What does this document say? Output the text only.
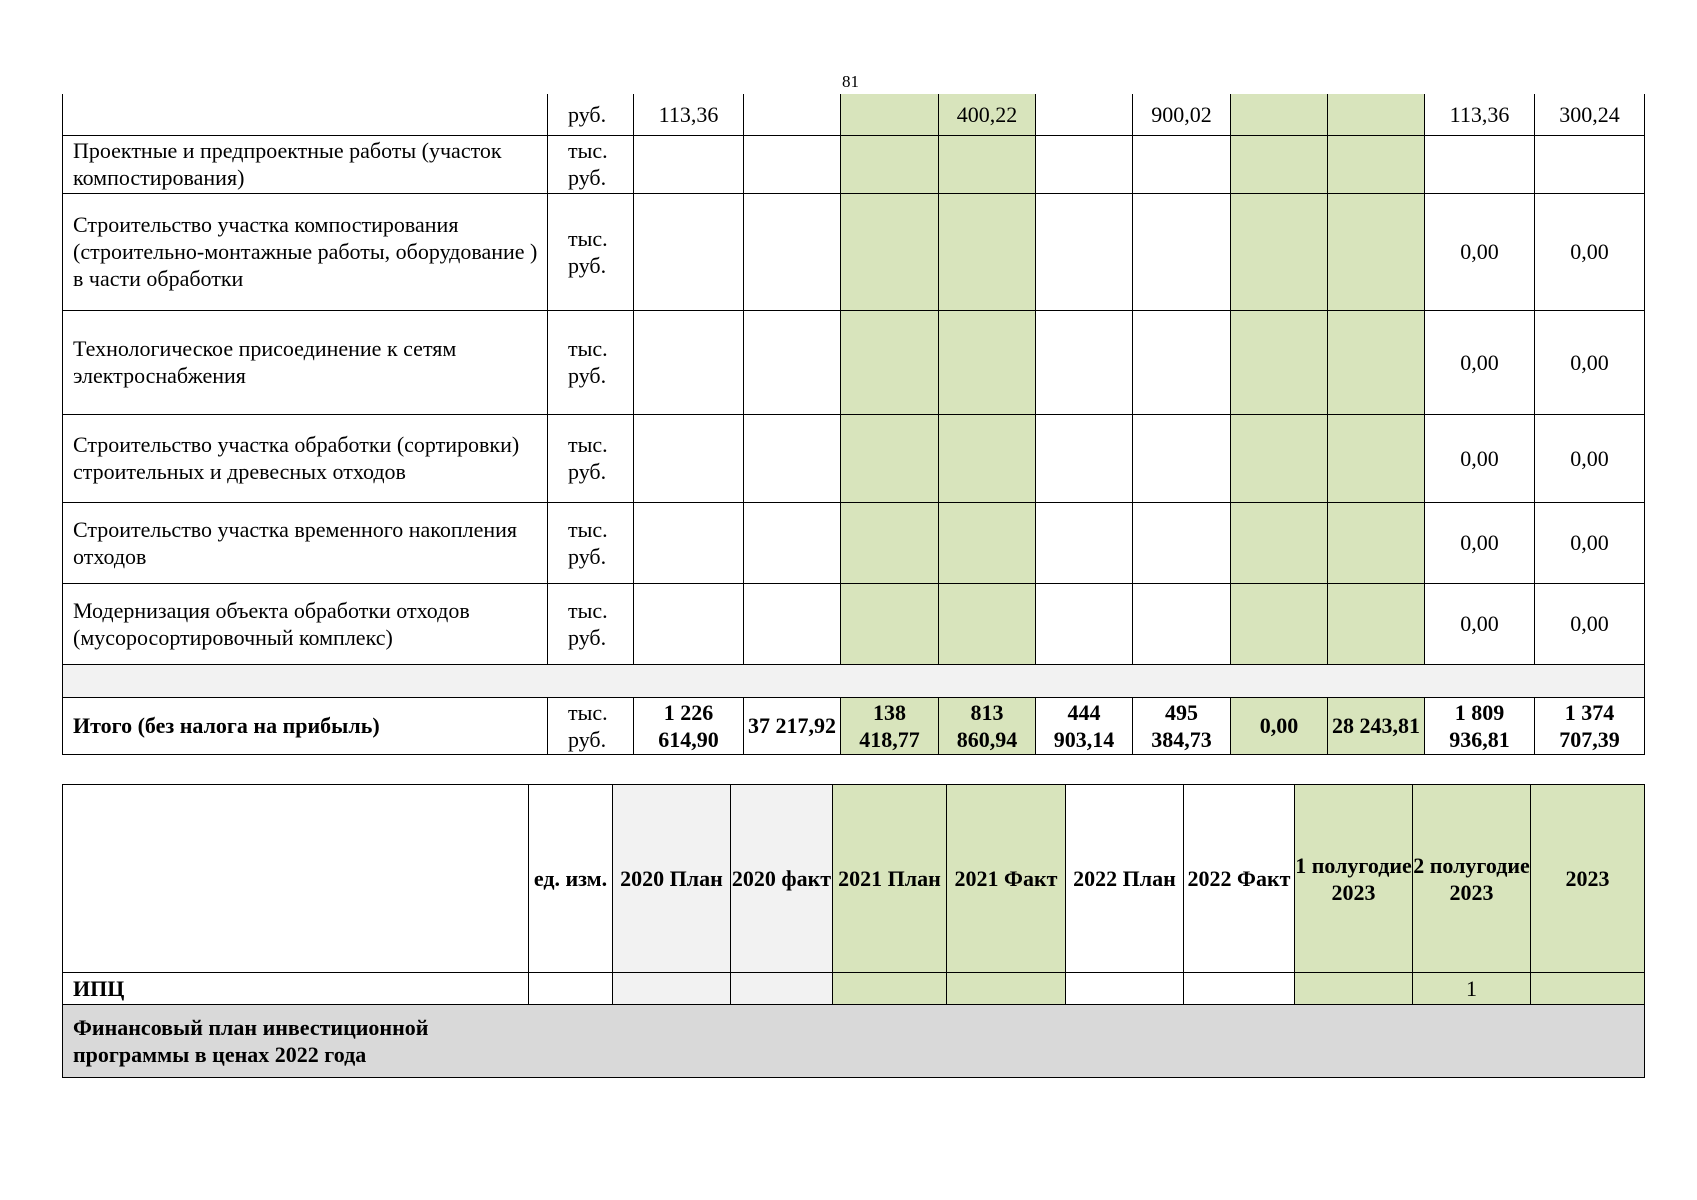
81
	руб.	113,36			400,22		900,02			113,36	300,24
Проектные и предпроектные работы (участок компостирования)	тыс. руб.										
Строительство участка компостирования (строительно-монтажные работы, оборудование ) в части обработки	тыс. руб.									0,00	0,00
Технологическое присоединение к сетям электроснабжения	тыс. руб.									0,00	0,00
Строительство участка обработки (сортировки) строительных и древесных отходов	тыс. руб.									0,00	0,00
Строительство участка временного накопления отходов	тыс. руб.									0,00	0,00
Модернизация объекта обработки отходов (мусоросортировочный комплекс)	тыс. руб.									0,00	0,00

Итого (без налога на прибыль)	тыс. руб.	1 226 614,90	37 217,92	138 418,77	813 860,94	444 903,14	495 384,73	0,00	28 243,81	1 809 936,81	1 374 707,39
	ед. изм.	2020 План	2020 факт	2021 План	2021 Факт	2022 План	2022 Факт	1 полугодие 2023	2 полугодие 2023	2023
ИПЦ									1	

Финансовый план инвестиционной программы в ценах 2022 года										
